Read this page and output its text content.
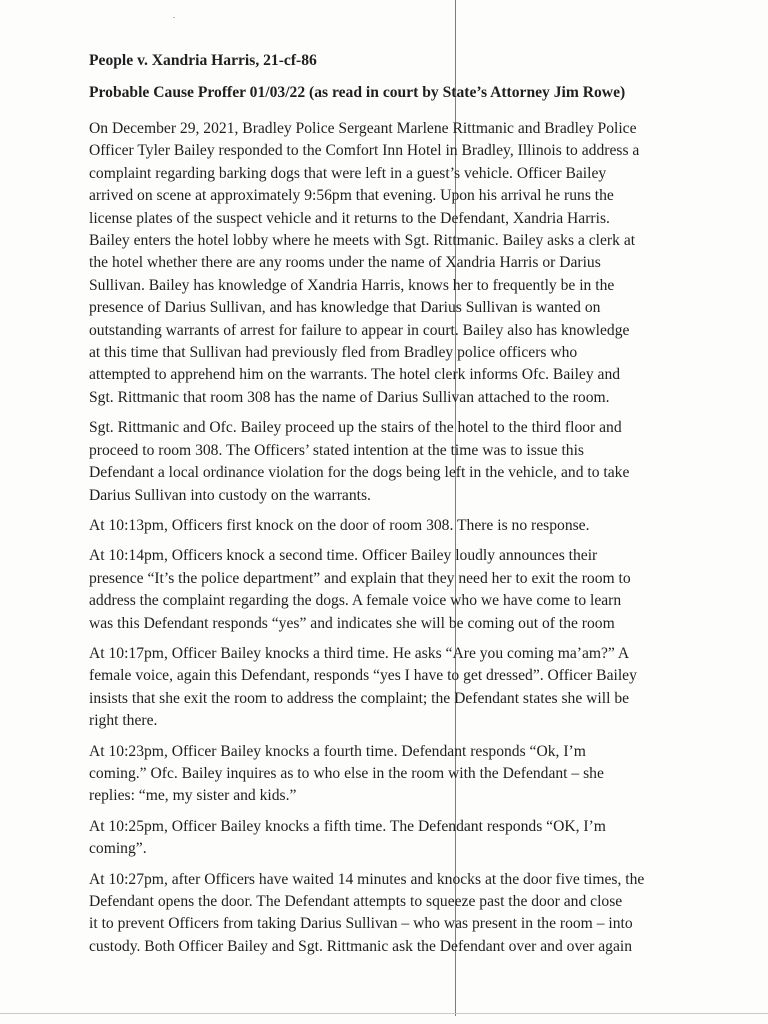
People v. Xandria Harris, 21-cf-86
Probable Cause Proffer 01/03/22 (as read in court by State’s Attorney Jim Rowe)
On December 29, 2021, Bradley Police Sergeant Marlene Rittmanic and Bradley Police
Officer Tyler Bailey responded to the Comfort Inn Hotel in Bradley, Illinois to address a
complaint regarding barking dogs that were left in a guest’s vehicle. Officer Bailey
arrived on scene at approximately 9:56pm that evening. Upon his arrival he runs the
license plates of the suspect vehicle and it returns to the Defendant, Xandria Harris.
Bailey enters the hotel lobby where he meets with Sgt. Rittmanic. Bailey asks a clerk at
the hotel whether there are any rooms under the name of Xandria Harris or Darius
Sullivan. Bailey has knowledge of Xandria Harris, knows her to frequently be in the
presence of Darius Sullivan, and has knowledge that Darius Sullivan is wanted on
outstanding warrants of arrest for failure to appear in court. Bailey also has knowledge
at this time that Sullivan had previously fled from Bradley police officers who
attempted to apprehend him on the warrants. The hotel clerk informs Ofc. Bailey and
Sgt. Rittmanic that room 308 has the name of Darius Sullivan attached to the room.
Sgt. Rittmanic and Ofc. Bailey proceed up the stairs of the hotel to the third floor and
proceed to room 308. The Officers’ stated intention at the time was to issue this
Defendant a local ordinance violation for the dogs being left in the vehicle, and to take
Darius Sullivan into custody on the warrants.
At 10:13pm, Officers first knock on the door of room 308. There is no response.
At 10:14pm, Officers knock a second time. Officer Bailey loudly announces their
presence “It’s the police department” and explain that they need her to exit the room to
address the complaint regarding the dogs. A female voice who we have come to learn
was this Defendant responds “yes” and indicates she will be coming out of the room
At 10:17pm, Officer Bailey knocks a third time. He asks “Are you coming ma’am?” A
female voice, again this Defendant, responds “yes I have to get dressed”. Officer Bailey
insists that she exit the room to address the complaint; the Defendant states she will be
right there.
At 10:23pm, Officer Bailey knocks a fourth time. Defendant responds “Ok, I’m
coming.” Ofc. Bailey inquires as to who else in the room with the Defendant – she
replies: “me, my sister and kids.”
At 10:25pm, Officer Bailey knocks a fifth time. The Defendant responds “OK, I’m
coming”.
At 10:27pm, after Officers have waited 14 minutes and knocks at the door five times, the
Defendant opens the door. The Defendant attempts to squeeze past the door and close
it to prevent Officers from taking Darius Sullivan – who was present in the room – into
custody. Both Officer Bailey and Sgt. Rittmanic ask the Defendant over and over again
